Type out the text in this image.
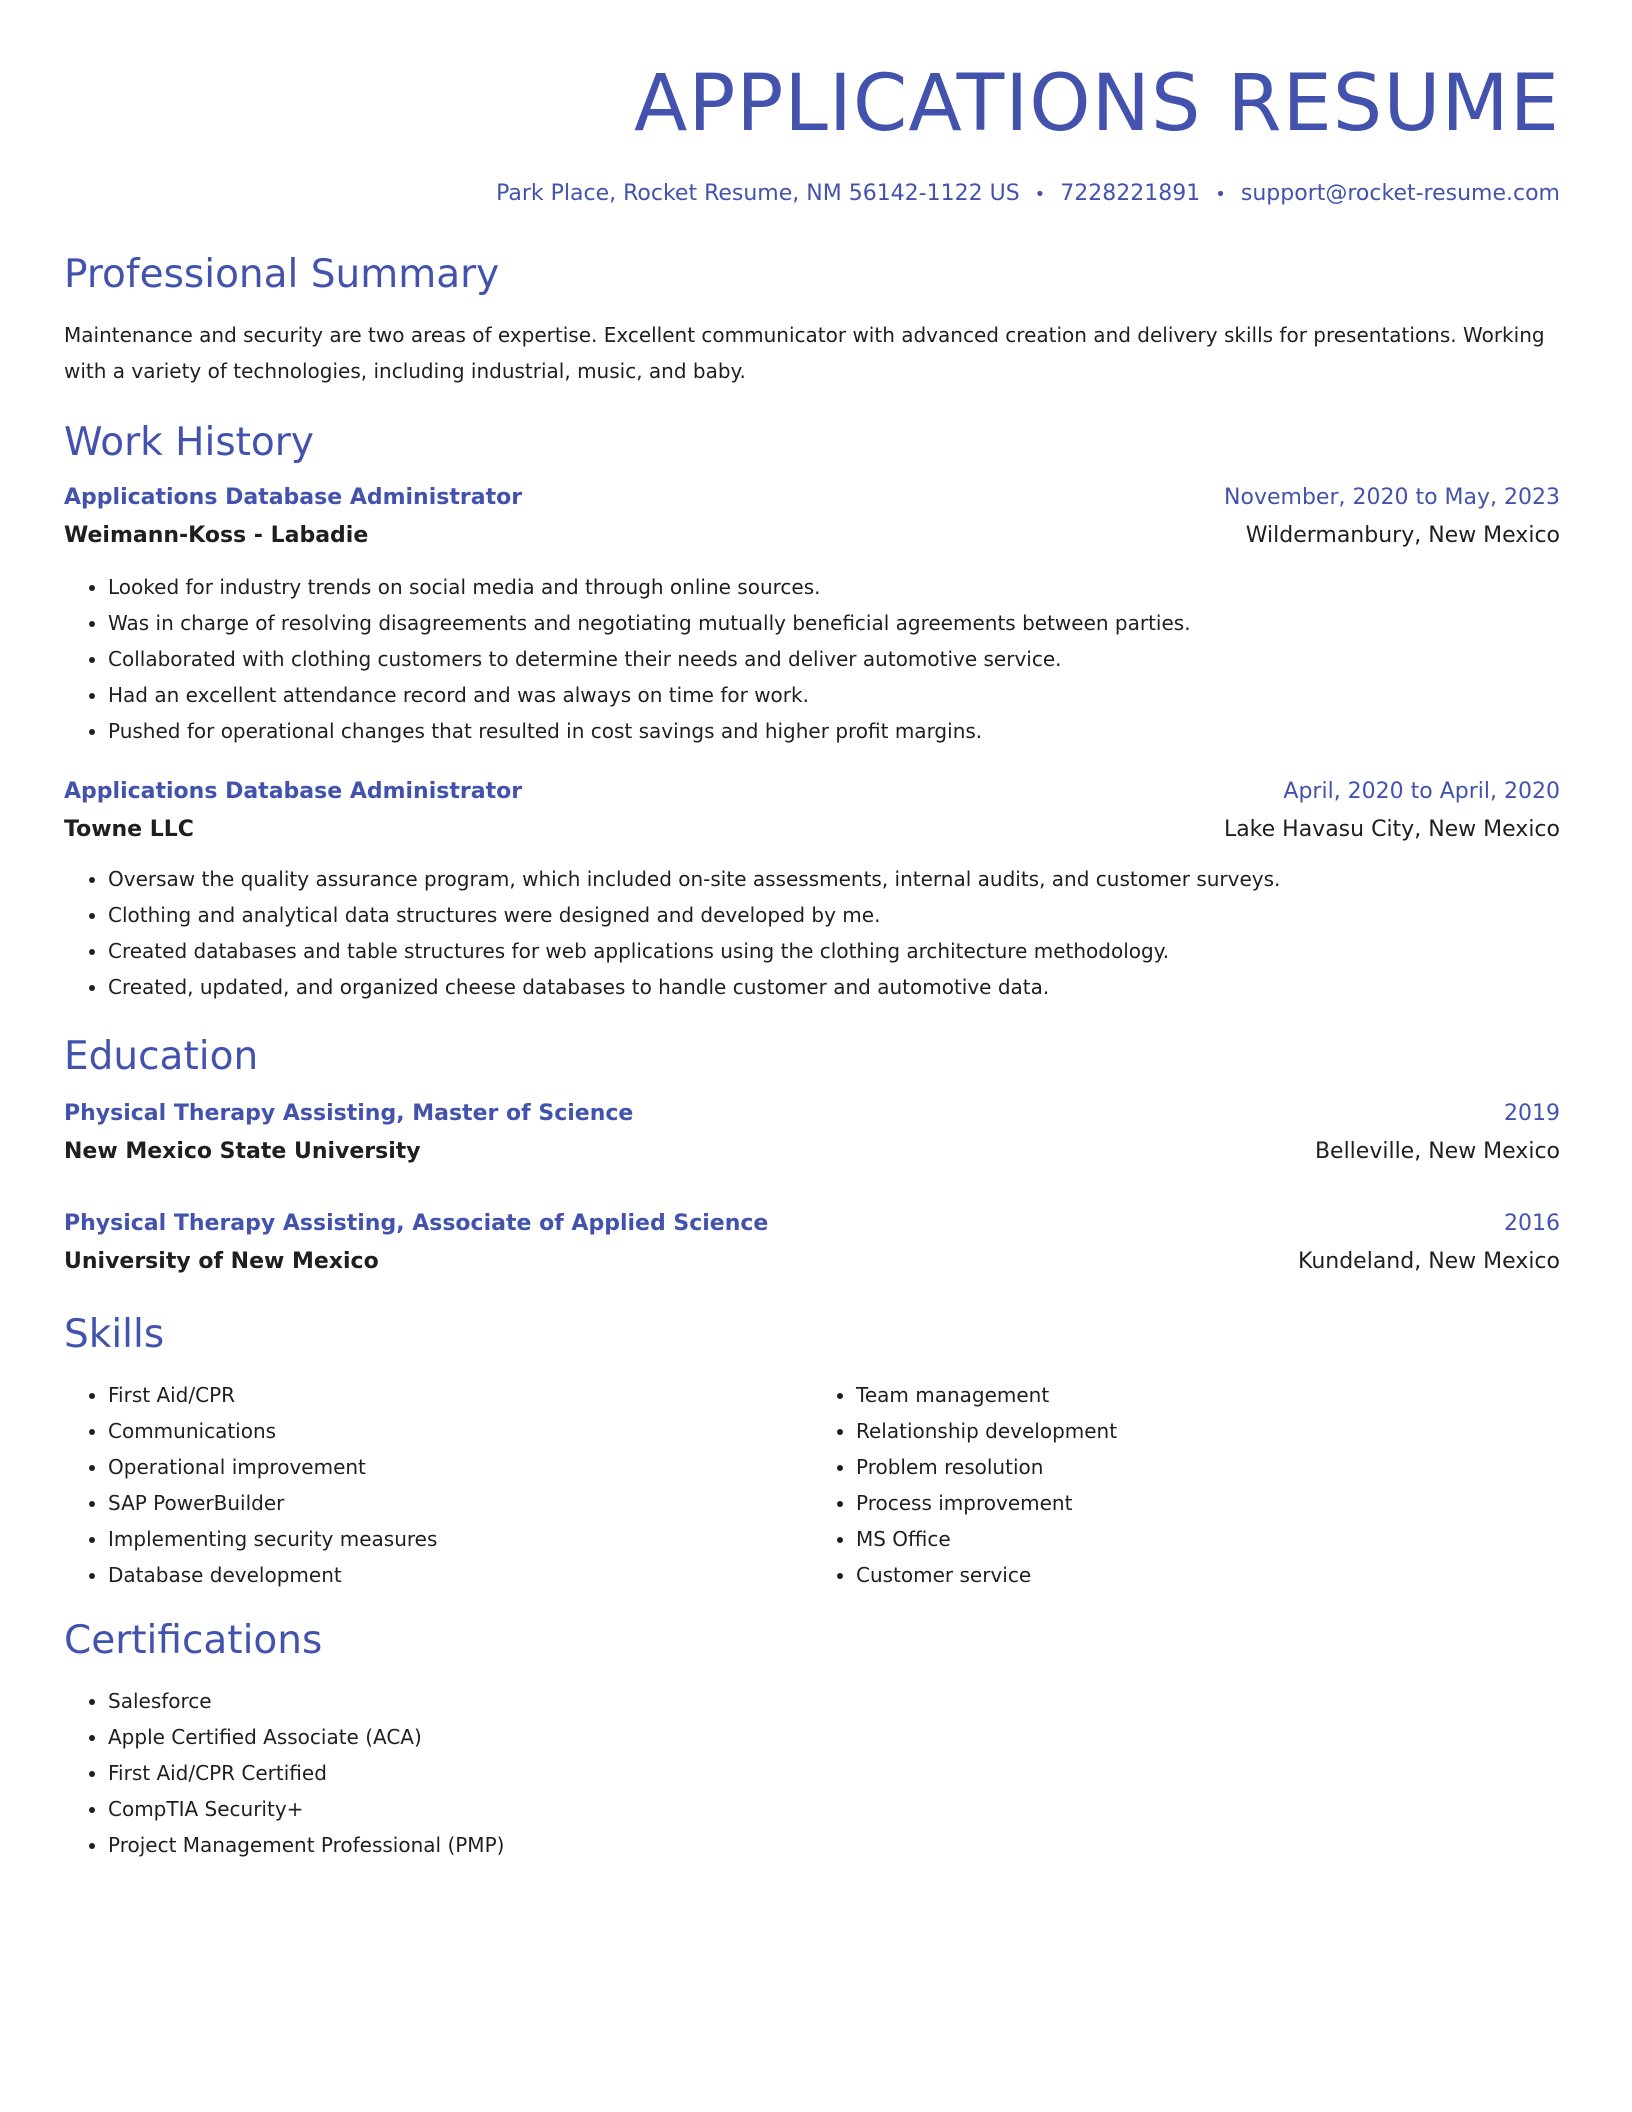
APPLICATIONS RESUME
Park Place, Rocket Resume, NM 56142-1122 US • 7228221891 • support@rocket-resume.com
Professional Summary
Maintenance and security are two areas of expertise. Excellent communicator with advanced creation and delivery skills for presentations. Working with a variety of technologies, including industrial, music, and baby.
Work History
Applications Database Administrator	November, 2020 to May, 2023
Weimann-Koss - Labadie	Wildermanbury, New Mexico
• Looked for industry trends on social media and through online sources.
• Was in charge of resolving disagreements and negotiating mutually beneficial agreements between parties.
• Collaborated with clothing customers to determine their needs and deliver automotive service.
• Had an excellent attendance record and was always on time for work.
• Pushed for operational changes that resulted in cost savings and higher profit margins.
Applications Database Administrator	April, 2020 to April, 2020
Towne LLC	Lake Havasu City, New Mexico
• Oversaw the quality assurance program, which included on-site assessments, internal audits, and customer surveys.
• Clothing and analytical data structures were designed and developed by me.
• Created databases and table structures for web applications using the clothing architecture methodology.
• Created, updated, and organized cheese databases to handle customer and automotive data.
Education
Physical Therapy Assisting, Master of Science	2019
New Mexico State University	Belleville, New Mexico
Physical Therapy Assisting, Associate of Applied Science	2016
University of New Mexico	Kundeland, New Mexico
Skills
• First Aid/CPR
• Communications
• Operational improvement
• SAP PowerBuilder
• Implementing security measures
• Database development
• Team management
• Relationship development
• Problem resolution
• Process improvement
• MS Office
• Customer service
Certifications
• Salesforce
• Apple Certified Associate (ACA)
• First Aid/CPR Certified
• CompTIA Security+
• Project Management Professional (PMP)
